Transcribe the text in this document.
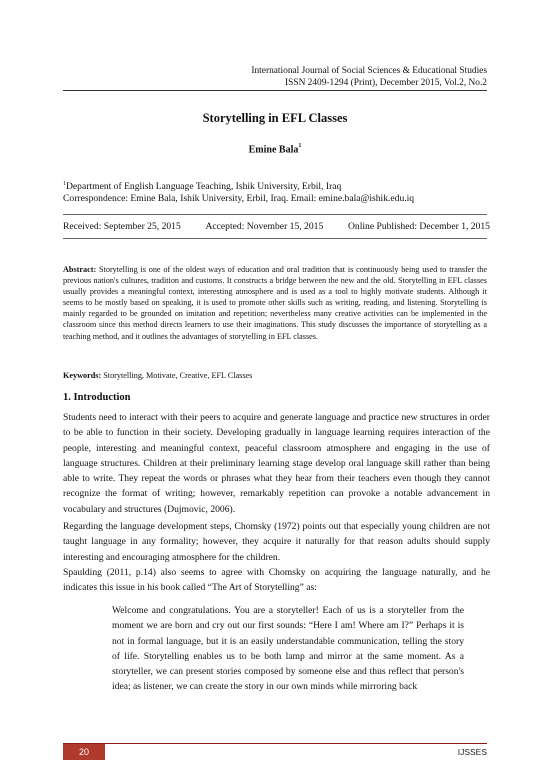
International Journal of Social Sciences & Educational Studies
ISSN 2409-1294 (Print), December 2015, Vol.2, No.2
Storytelling in EFL Classes

Emine Bala$^1$

$^1$Department of English Language Teaching, Ishik University, Erbil, Iraq
Correspondence: Emine Bala, Ishik University, Erbil, Iraq. Email: emine.bala@ishik.edu.iq
Received: September 25, 2015	Accepted: November 15, 2015	Online Published: December 1, 2015

Abstract: Storytelling is one of the oldest ways of education and oral tradition that is continuously being used to transfer the previous nation's cultures, tradition and customs. It constructs a bridge between the new and the old. Storytelling in EFL classes usually provides a meaningful context, interesting atmosphere and is used as a tool to highly motivate students. Although it seems to be mostly based on speaking, it is used to promote other skills such as writing, reading, and listening. Storytelling is mainly regarded to be grounded on imitation and repetition; nevertheless many creative activities can be implemented in the classroom since this method directs learners to use their imaginations. This study discusses the importance of storytelling as a teaching method, and it outlines the advantages of storytelling in EFL classes.

Keywords: Storytelling, Motivate, Creative, EFL Classes

1. Introduction

Students need to interact with their peers to acquire and generate language and practice new structures in order to be able to function in their society. Developing gradually in language learning requires interaction of the people, interesting and meaningful context, peaceful classroom atmosphere and engaging in the use of language structures. Children at their preliminary learning stage develop oral language skill rather than being able to write. They repeat the words or phrases what they hear from their teachers even though they cannot recognize the format of writing; however, remarkably repetition can provoke a notable advancement in vocabulary and structures (Dujmovic, 2006).

Regarding the language development steps, Chomsky (1972) points out that especially young children are not taught language in any formality; however, they acquire it naturally for that reason adults should supply interesting and encouraging atmosphere for the children.

Spaulding (2011, p.14) also seems to agree with Chomsky on acquiring the language naturally, and he indicates this issue in his book called “The Art of Storytelling” as:

Welcome and congratulations. You are a storyteller! Each of us is a storyteller from the moment we are born and cry out our first sounds: “Here I am! Where am I?” Perhaps it is not in formal language, but it is an easily understandable communication, telling the story of life. Storytelling enables us to be both lamp and mirror at the same moment. As a storyteller, we can present stories composed by someone else and thus reflect that person's idea; as listener, we can create the story in our own minds while mirroring back

20	IJSSES
